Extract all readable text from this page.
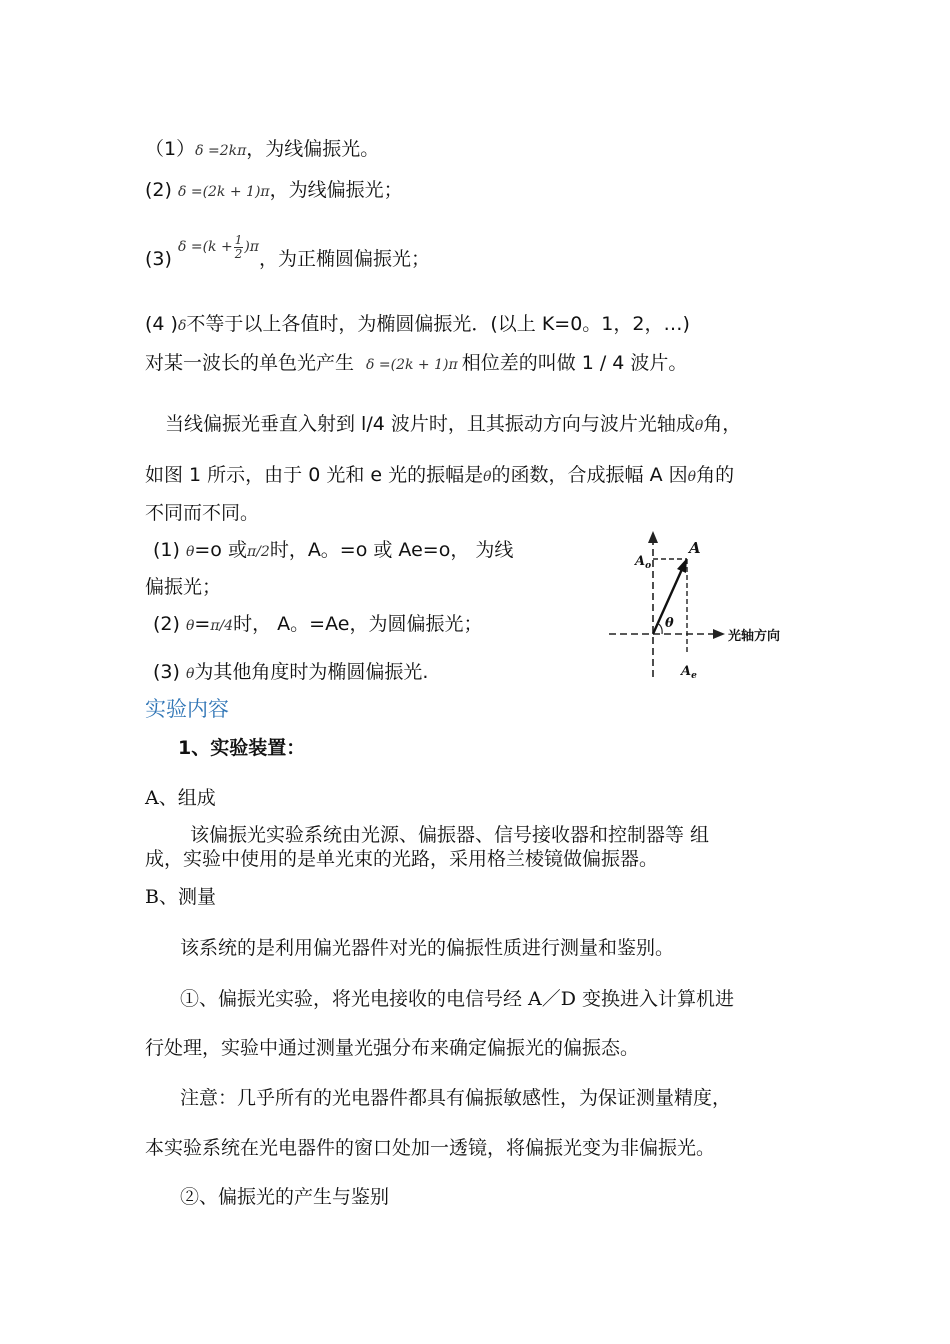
（1）δ =2kπ，为线偏振光。
(2) δ =(2k + 1)π，为线偏振光；
(3) $^{\delta =(k + \frac{1}{2} )\pi}$，为正椭圆偏振光；
(4 )δ不等于以上各值时，为椭圆偏振光．(以上 K=0。1，2，…)
对某一波长的单色光产生 δ =(2k + 1)π 相位差的叫做 1 / 4 波片。
当线偏振光垂直入射到 l/4 波片时，且其振动方向与波片光轴成θ角，
如图 1 所示，由于 0 光和 e 光的振幅是θ的函数，合成振幅 A 因θ角的
不同而不同。
(1) θ=o 或π/2时，A。=o 或 Ae=o， 为线
偏振光；
(2) θ=π/4时， A。=Ae，为圆偏振光；
(3) θ为其他角度时为椭圆偏振光.
A
$A_o$
θ
$A_e$
光轴方向
实验内容
1、实验装置：
A、组成
该偏振光实验系统由光源、偏振器、信号接收器和控制器等 组
成，实验中使用的是单光束的光路，采用格兰棱镜做偏振器。
B、测量
该系统的是利用偏光器件对光的偏振性质进行测量和鉴别。
①、偏振光实验，将光电接收的电信号经 A／D 变换进入计算机进
行处理，实验中通过测量光强分布来确定偏振光的偏振态。
注意：几乎所有的光电器件都具有偏振敏感性，为保证测量精度，
本实验系统在光电器件的窗口处加一透镜，将偏振光变为非偏振光。
②、偏振光的产生与鉴别
